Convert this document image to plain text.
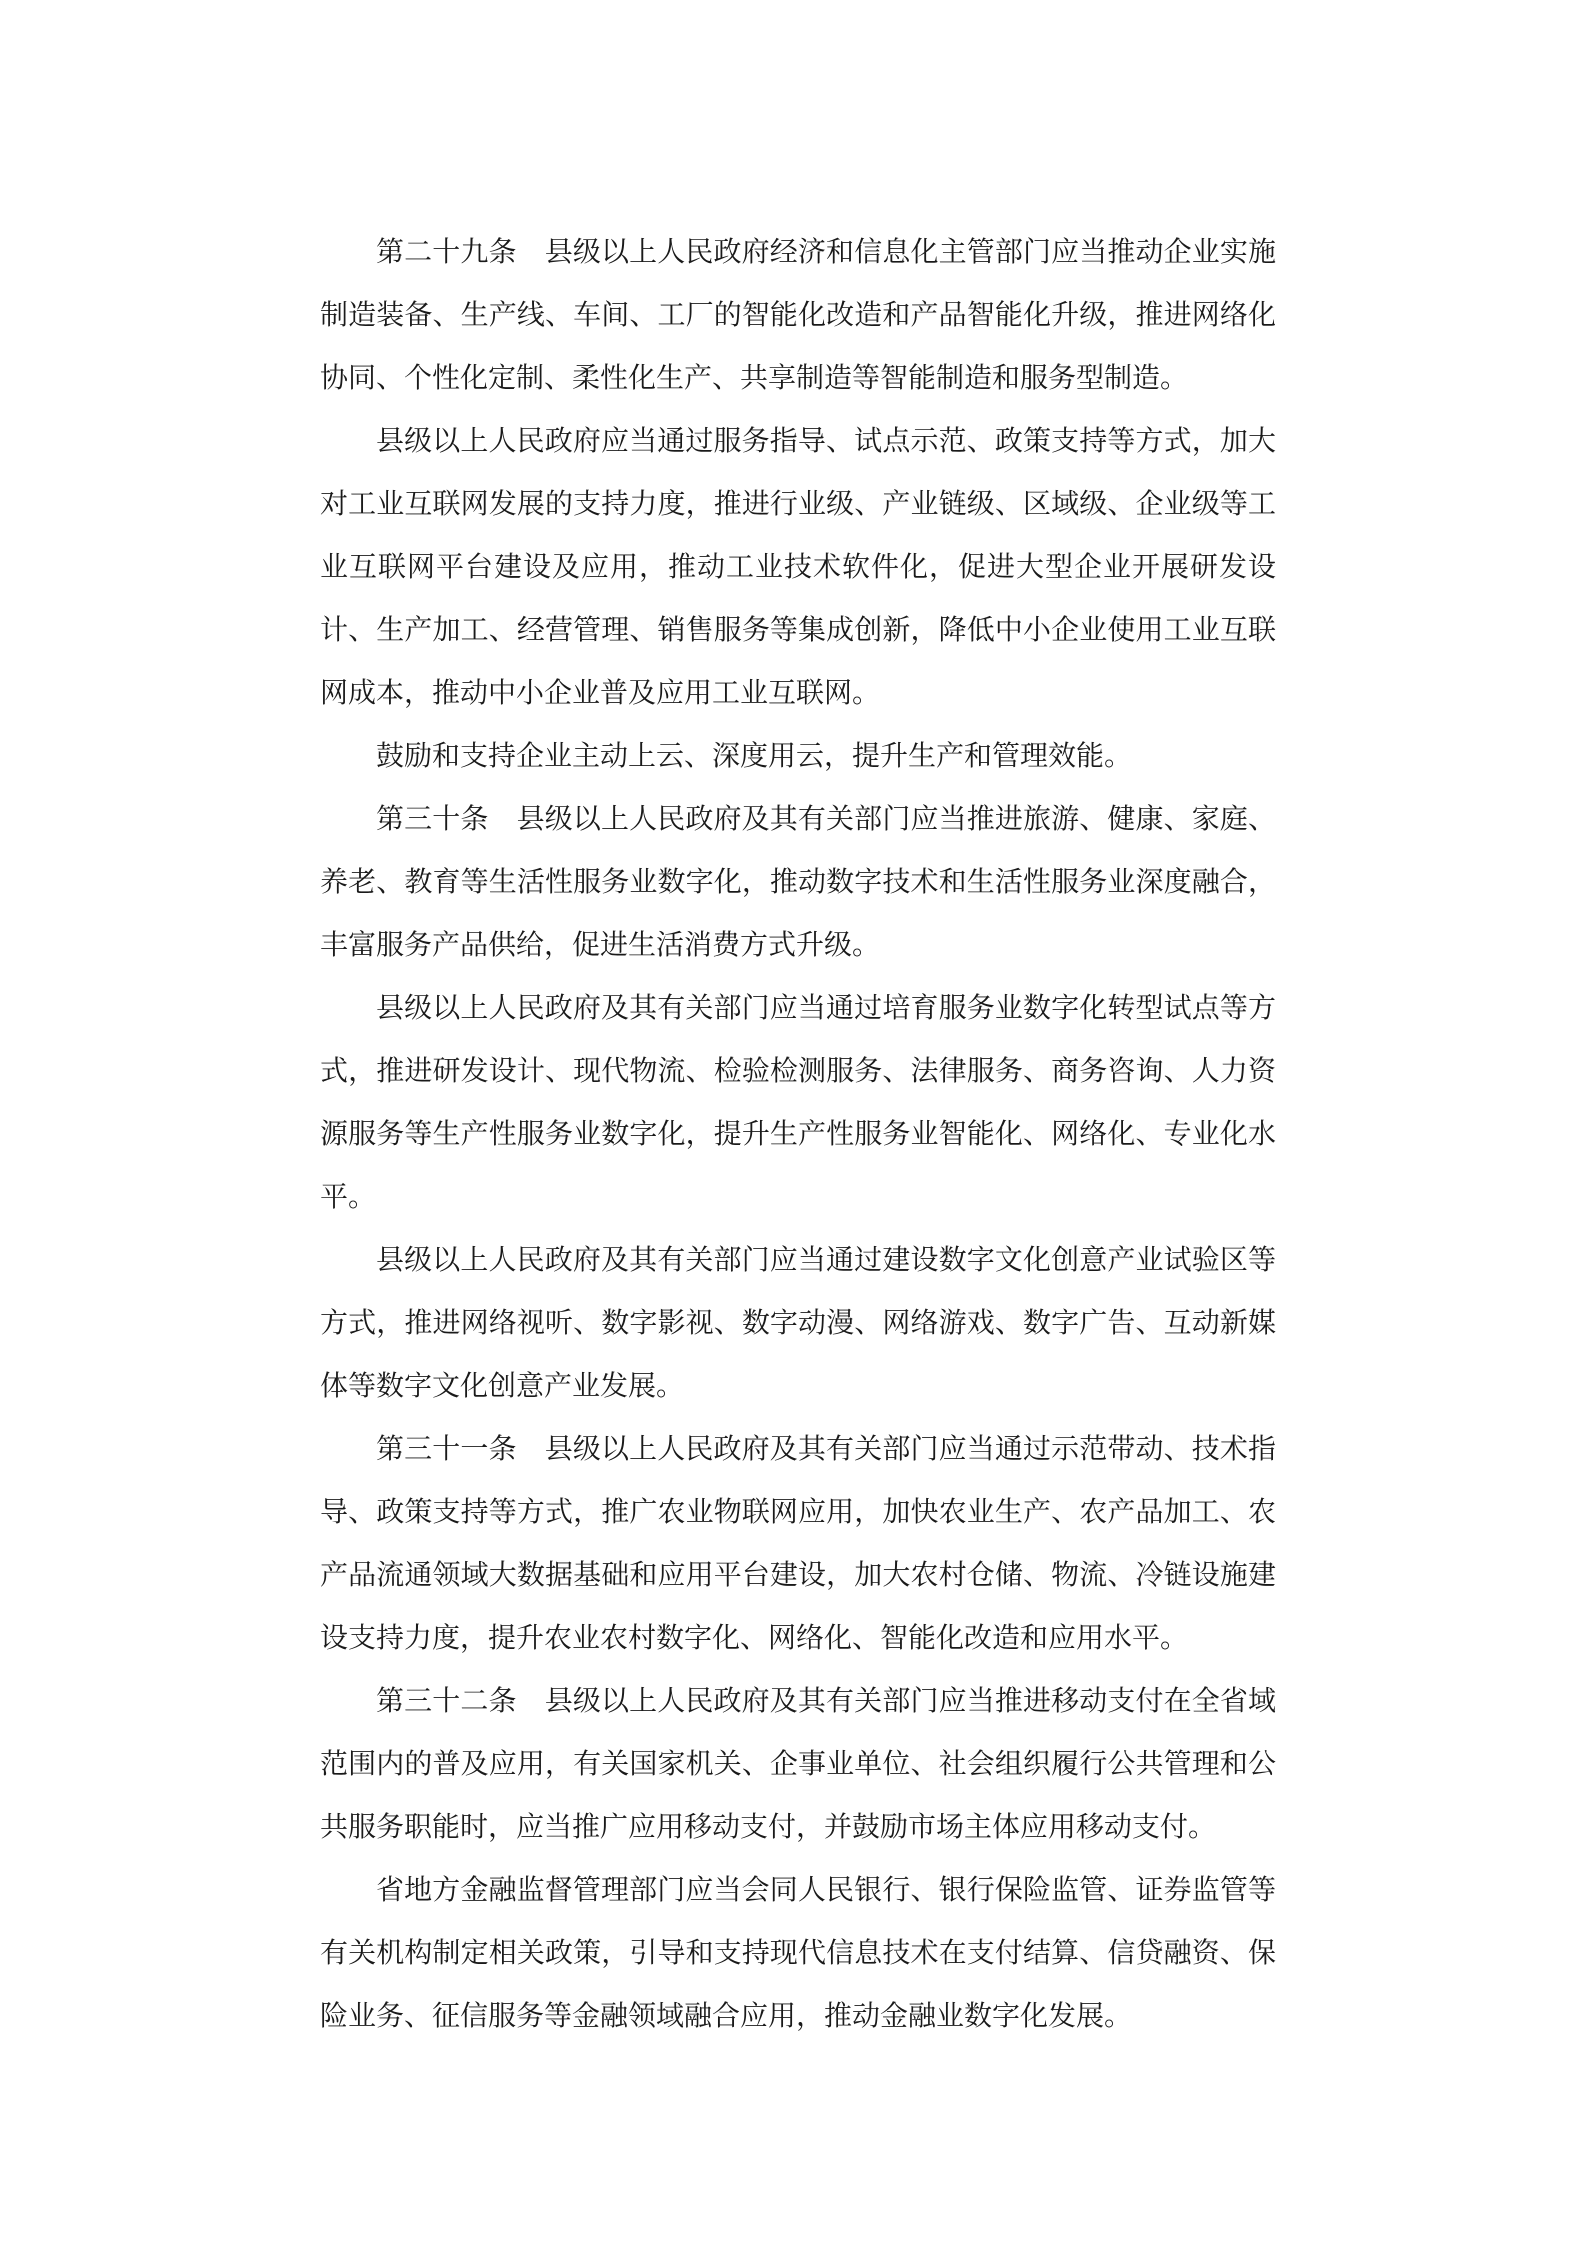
第二十九条　县级以上人民政府经济和信息化主管部门应当推动企业实施制造装备、生产线、车间、工厂的智能化改造和产品智能化升级，推进网络化协同、个性化定制、柔性化生产、共享制造等智能制造和服务型制造。

县级以上人民政府应当通过服务指导、试点示范、政策支持等方式，加大对工业互联网发展的支持力度，推进行业级、产业链级、区域级、企业级等工业互联网平台建设及应用，推动工业技术软件化，促进大型企业开展研发设计、生产加工、经营管理、销售服务等集成创新，降低中小企业使用工业互联网成本，推动中小企业普及应用工业互联网。

鼓励和支持企业主动上云、深度用云，提升生产和管理效能。

第三十条　县级以上人民政府及其有关部门应当推进旅游、健康、家庭、养老、教育等生活性服务业数字化，推动数字技术和生活性服务业深度融合，丰富服务产品供给，促进生活消费方式升级。

县级以上人民政府及其有关部门应当通过培育服务业数字化转型试点等方式，推进研发设计、现代物流、检验检测服务、法律服务、商务咨询、人力资源服务等生产性服务业数字化，提升生产性服务业智能化、网络化、专业化水平。

县级以上人民政府及其有关部门应当通过建设数字文化创意产业试验区等方式，推进网络视听、数字影视、数字动漫、网络游戏、数字广告、互动新媒体等数字文化创意产业发展。

第三十一条　县级以上人民政府及其有关部门应当通过示范带动、技术指导、政策支持等方式，推广农业物联网应用，加快农业生产、农产品加工、农产品流通领域大数据基础和应用平台建设，加大农村仓储、物流、冷链设施建设支持力度，提升农业农村数字化、网络化、智能化改造和应用水平。

第三十二条　县级以上人民政府及其有关部门应当推进移动支付在全省域范围内的普及应用，有关国家机关、企事业单位、社会组织履行公共管理和公共服务职能时，应当推广应用移动支付，并鼓励市场主体应用移动支付。

省地方金融监督管理部门应当会同人民银行、银行保险监管、证券监管等有关机构制定相关政策，引导和支持现代信息技术在支付结算、信贷融资、保险业务、征信服务等金融领域融合应用，推动金融业数字化发展。
